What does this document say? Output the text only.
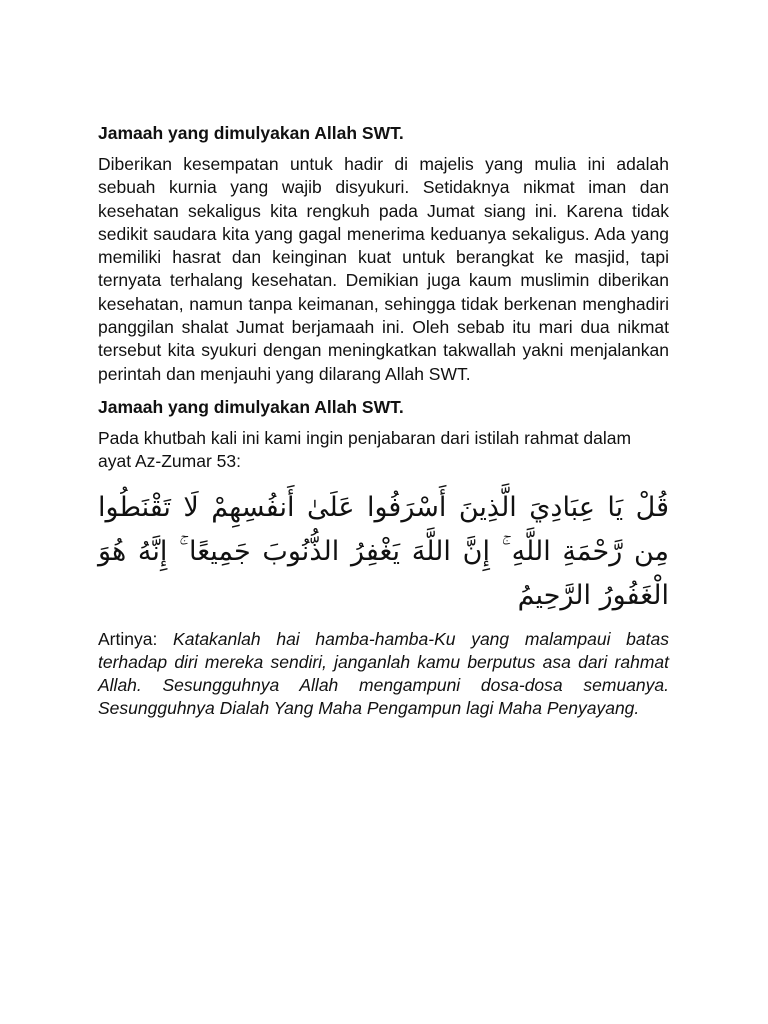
Jamaah yang dimulyakan Allah SWT.

Diberikan kesempatan untuk hadir di majelis yang mulia ini adalah sebuah kurnia yang wajib disyukuri. Setidaknya nikmat iman dan kesehatan sekaligus kita rengkuh pada Jumat siang ini. Karena tidak sedikit saudara kita yang gagal menerima keduanya sekaligus. Ada yang memiliki hasrat dan keinginan kuat untuk berangkat ke masjid, tapi ternyata terhalang kesehatan. Demikian juga kaum muslimin diberikan kesehatan, namun tanpa keimanan, sehingga tidak berkenan menghadiri panggilan shalat Jumat berjamaah ini. Oleh sebab itu mari dua nikmat tersebut kita syukuri dengan meningkatkan takwallah yakni menjalankan perintah dan menjauhi yang dilarang Allah SWT.

Jamaah yang dimulyakan Allah SWT.

Pada khutbah kali ini kami ingin penjabaran dari istilah rahmat dalam ayat Az-Zumar 53:

قُلْ يَا عِبَادِيَ الَّذِينَ أَسْرَفُوا عَلَىٰ أَنفُسِهِمْ لَا تَقْنَطُوا مِن رَّحْمَةِ اللَّهِ ۚ إِنَّ اللَّهَ يَغْفِرُ الذُّنُوبَ جَمِيعًا ۚ إِنَّهُ هُوَ الْغَفُورُ الرَّحِيمُ

Artinya: Katakanlah hai hamba-hamba-Ku yang malampaui batas terhadap diri mereka sendiri, janganlah kamu berputus asa dari rahmat Allah. Sesungguhnya Allah mengampuni dosa-dosa semuanya. Sesungguhnya Dialah Yang Maha Pengampun lagi Maha Penyayang.
